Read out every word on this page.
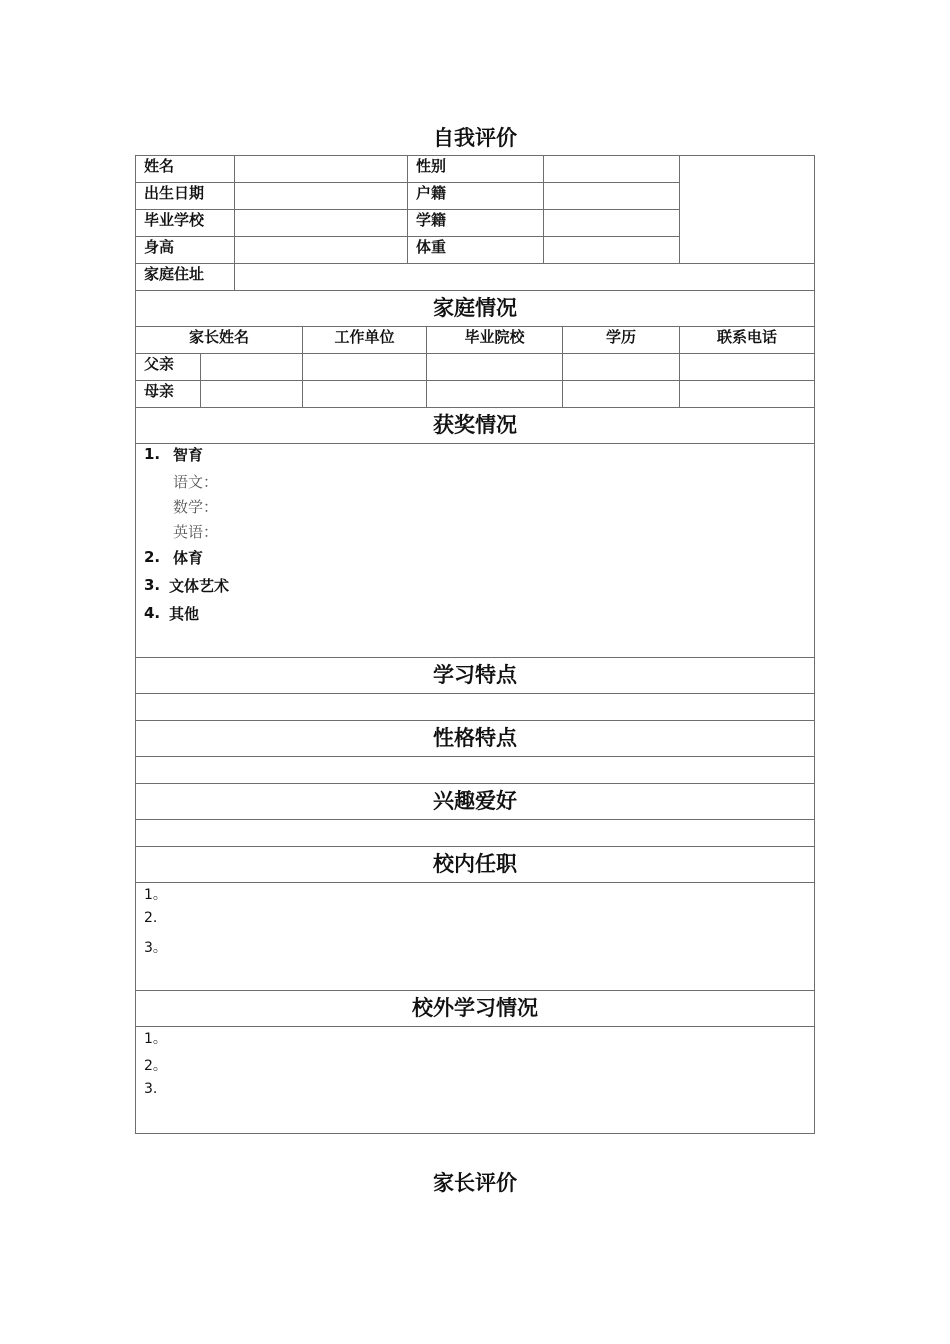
自我评价
姓名	性别
出生日期	户籍
毕业学校	学籍
身高	体重
家庭住址
家庭情况
家长姓名	工作单位	毕业院校	学历	联系电话
父亲
母亲
获奖情况
1. 智育
语文：
数学：
英语：
2. 体育
3. 文体艺术
4. 其他
学习特点
性格特点
兴趣爱好
校内任职
1。
2.
3。
校外学习情况
1。
2。
3.
家长评价
